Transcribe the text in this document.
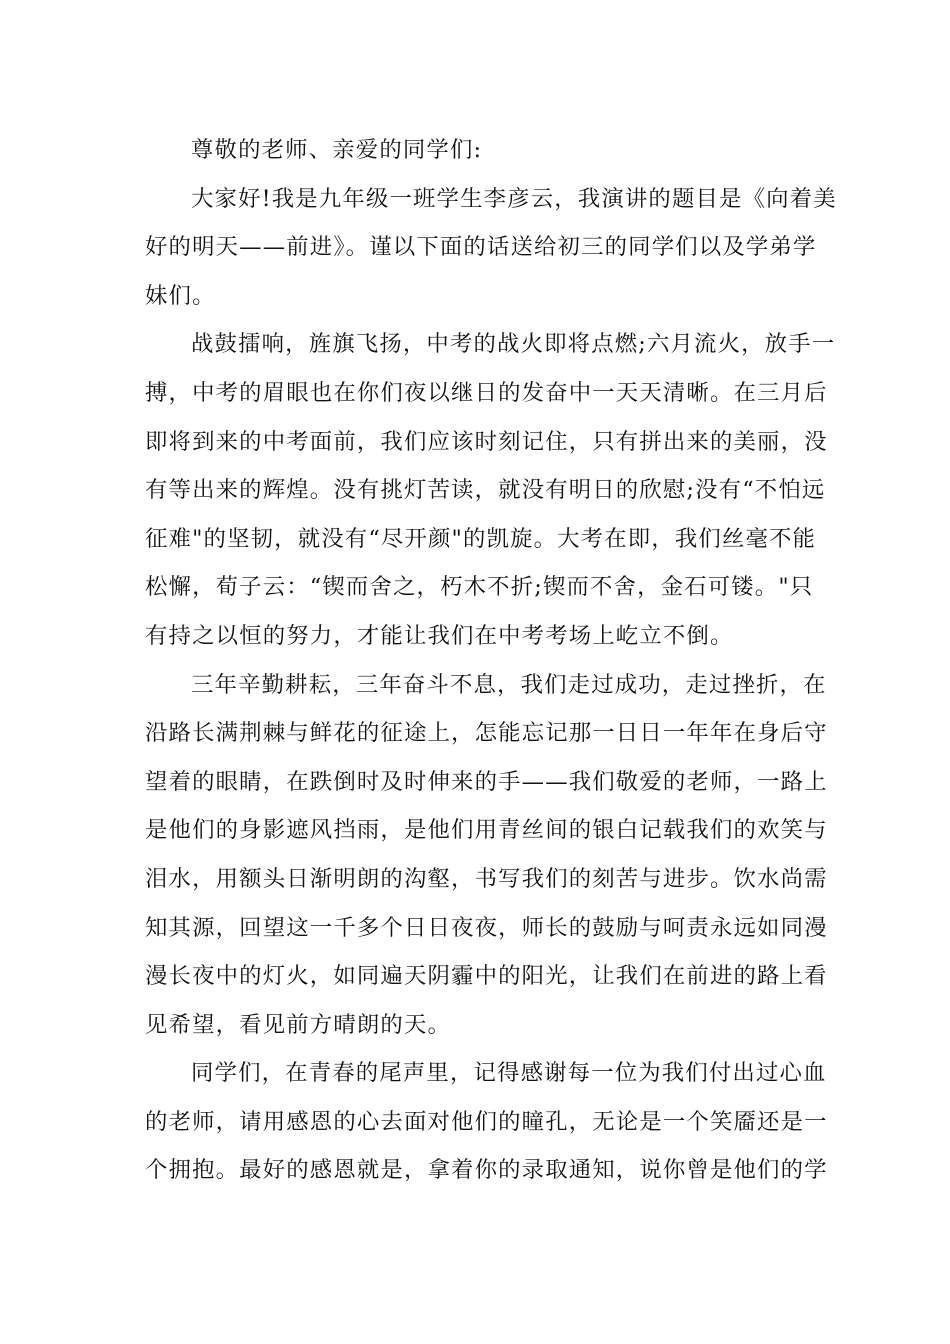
尊敬的老师、亲爱的同学们:

大家好!我是九年级一班学生李彦云，我演讲的题目是《向着美
好的明天——前进》。谨以下面的话送给初三的同学们以及学弟学
妹们。

战鼓擂响，旌旗飞扬，中考的战火即将点燃;六月流火，放手一
搏，中考的眉眼也在你们夜以继日的发奋中一天天清晰。在三月后
即将到来的中考面前，我们应该时刻记住，只有拼出来的美丽，没
有等出来的辉煌。没有挑灯苦读，就没有明日的欣慰;没有“不怕远
征难"的坚韧，就没有“尽开颜"的凯旋。大考在即，我们丝毫不能
松懈，荀子云：“锲而舍之，朽木不折;锲而不舍，金石可镂。"只
有持之以恒的努力，才能让我们在中考考场上屹立不倒。

三年辛勤耕耘，三年奋斗不息，我们走过成功，走过挫折，在
沿路长满荆棘与鲜花的征途上，怎能忘记那一日日一年年在身后守
望着的眼睛，在跌倒时及时伸来的手——我们敬爱的老师，一路上
是他们的身影遮风挡雨，是他们用青丝间的银白记载我们的欢笑与
泪水，用额头日渐明朗的沟壑，书写我们的刻苦与进步。饮水尚需
知其源，回望这一千多个日日夜夜，师长的鼓励与呵责永远如同漫
漫长夜中的灯火，如同遍天阴霾中的阳光，让我们在前进的路上看
见希望，看见前方晴朗的天。

同学们，在青春的尾声里，记得感谢每一位为我们付出过心血
的老师，请用感恩的心去面对他们的瞳孔，无论是一个笑靥还是一
个拥抱。最好的感恩就是，拿着你的录取通知，说你曾是他们的学
